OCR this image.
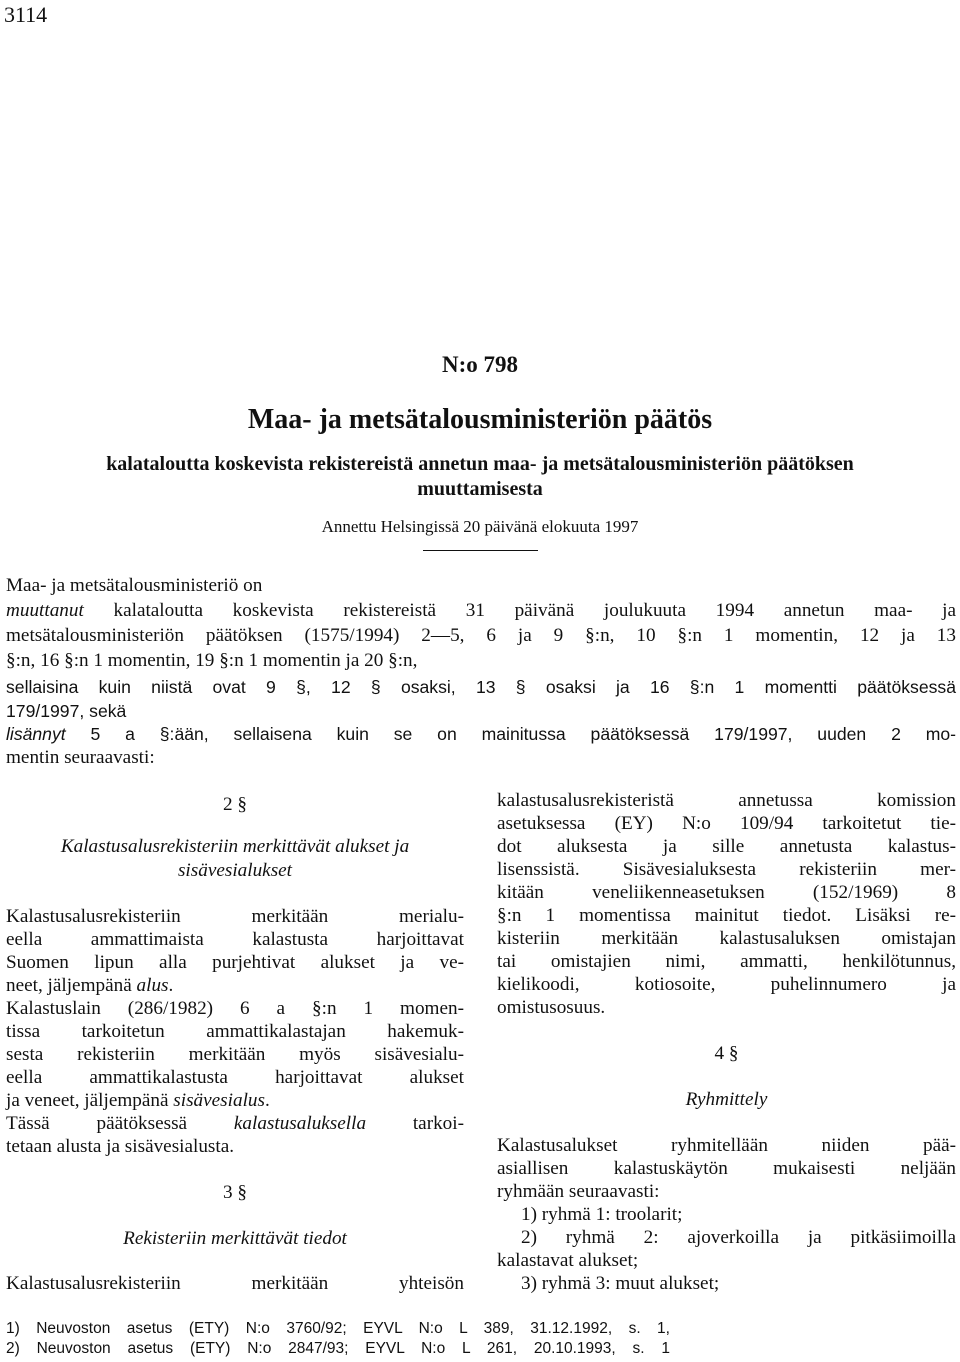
3114
N:o 798
Maa- ja metsätalousministeriön päätös
kalataloutta koskevista rekistereistä annetun maa- ja metsätalousministeriön päätöksen
muuttamisesta
Annettu Helsingissä 20 päivänä elokuuta 1997
Maa- ja metsätalousministeriö on
muuttanut kalataloutta koskevista rekistereistä 31 päivänä joulukuuta 1994 annetun maa- ja
metsätalousministeriön päätöksen (1575/1994) 2—5, 6 ja 9 §:n, 10 §:n 1 momentin, 12 ja 13
§:n, 16 §:n 1 momentin, 19 §:n 1 momentin ja 20 §:n,
sellaisina kuin niistä ovat 9 §, 12 § osaksi, 13 § osaksi ja 16 §:n 1 momentti päätöksessä
179/1997, sekä
lisännyt 5 a §:ään, sellaisena kuin se on mainitussa päätöksessä 179/1997, uuden 2 mo-
mentin seuraavasti:
2 §
Kalastusalusrekisteriin merkittävät alukset ja
sisävesialukset
Kalastusalusrekisteriin merkitään merialu-
eella ammattimaista kalastusta harjoittavat
Suomen lipun alla purjehtivat alukset ja ve-
neet, jäljempänä alus.
Kalastuslain (286/1982) 6 a §:n 1 momen-
tissa tarkoitetun ammattikalastajan hakemuk-
sesta rekisteriin merkitään myös sisävesialu-
eella ammattikalastusta harjoittavat alukset
ja veneet, jäljempänä sisävesialus.
Tässä päätöksessä kalastusaluksella tarkoi-
tetaan alusta ja sisävesialusta.
3 §
Rekisteriin merkittävät tiedot
Kalastusalusrekisteriin merkitään yhteisön
kalastusalusrekisteristä annetussa komission
asetuksessa (EY) N:o 109/94 tarkoitetut tie-
dot aluksesta ja sille annetusta kalastus-
lisenssistä. Sisävesialuksesta rekisteriin mer-
kitään veneliikenneasetuksen (152/1969) 8
§:n 1 momentissa mainitut tiedot. Lisäksi re-
kisteriin merkitään kalastusaluksen omistajan
tai omistajien nimi, ammatti, henkilötunnus,
kielikoodi, kotiosoite, puhelinnumero ja
omistusosuus.
4 §
Ryhmittely
Kalastusalukset ryhmitellään niiden pää-
asiallisen kalastuskäytön mukaisesti neljään
ryhmään seuraavasti:
1) ryhmä 1: troolarit;
2) ryhmä 2: ajoverkoilla ja pitkäsiimoilla
kalastavat alukset;
3) ryhmä 3: muut alukset;
1) Neuvoston asetus (ETY) N:o 3760/92; EYVL N:o L 389, 31.12.1992, s. 1,
2) Neuvoston asetus (ETY) N:o 2847/93; EYVL N:o L 261, 20.10.1993, s. 1
